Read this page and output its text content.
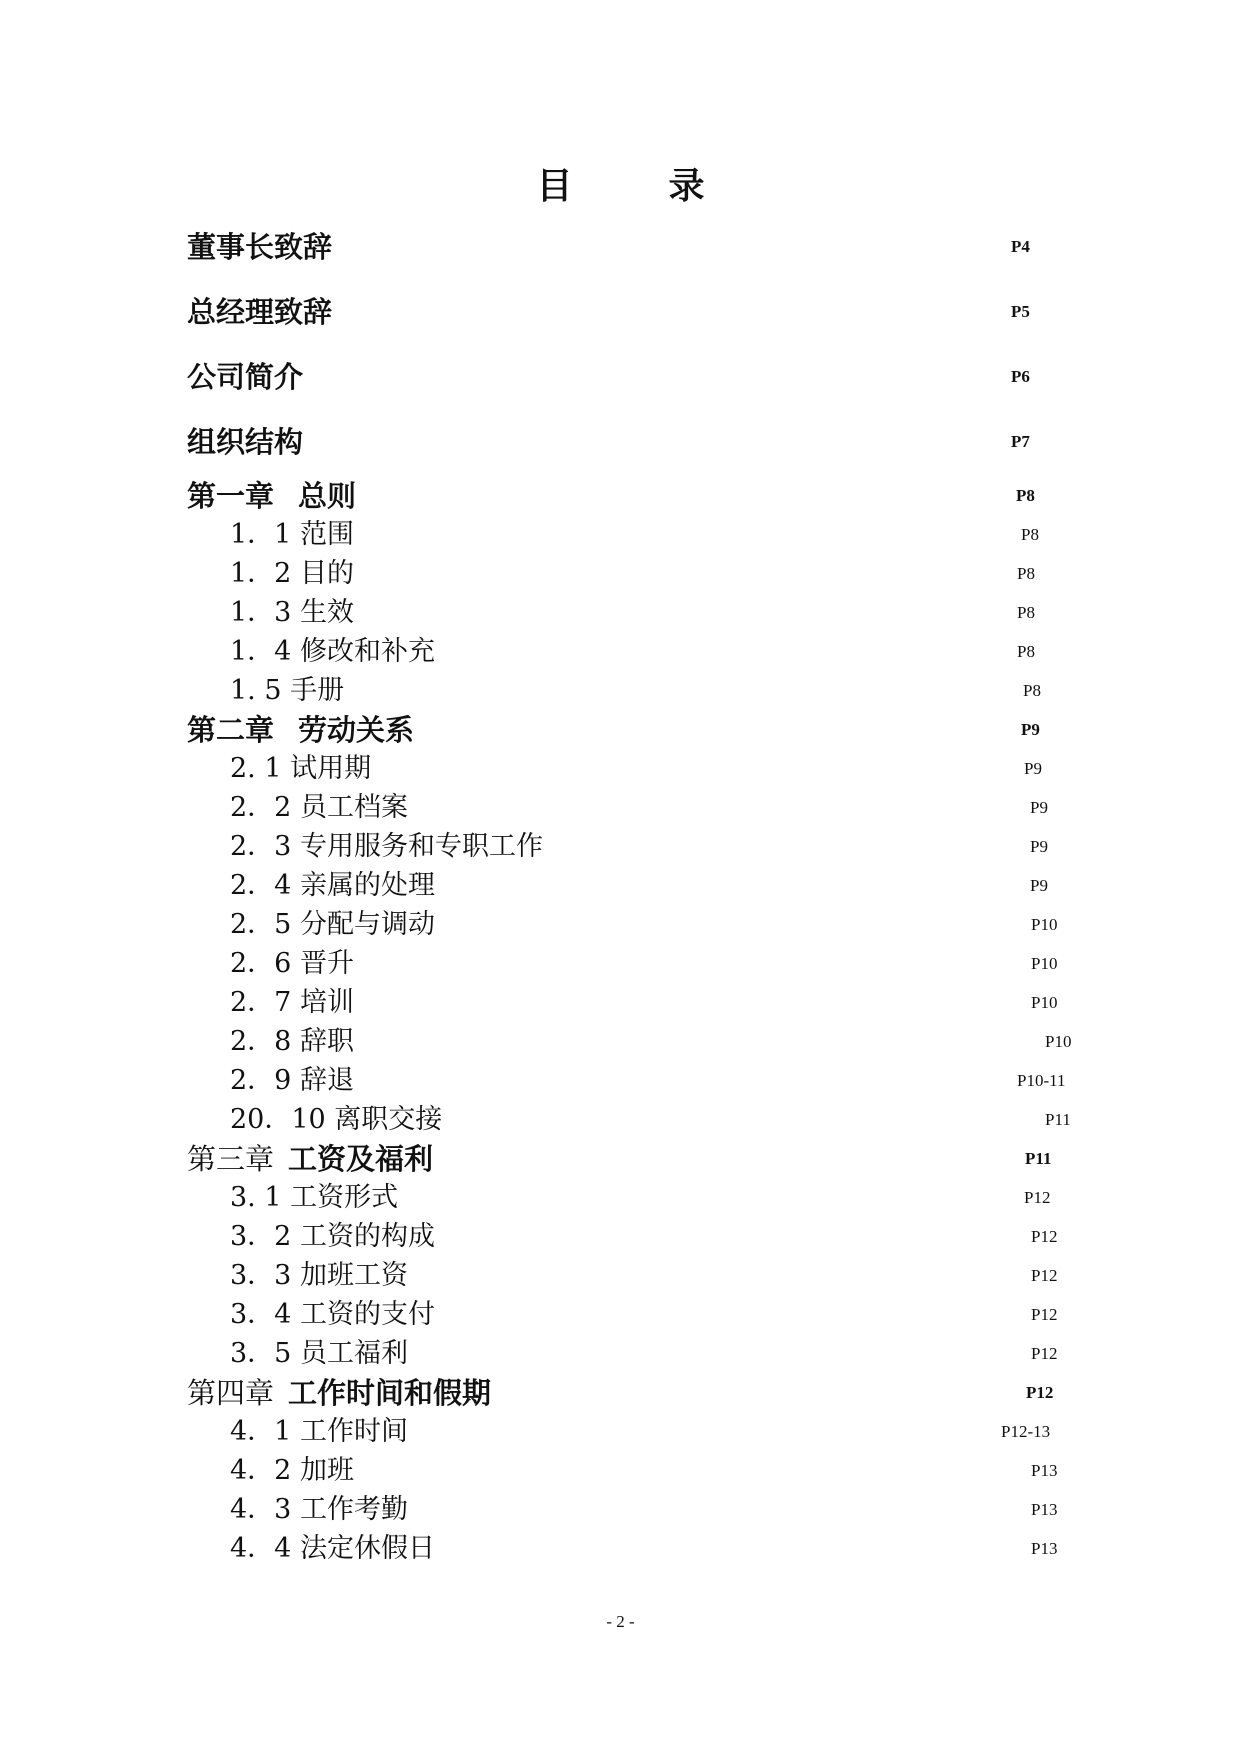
目　录
董事长致辞	P4
总经理致辞	P5
公司简介	P6
组织结构	P7
第一章 总则	P8
1．1 范围	P8
1．2 目的	P8
1．3 生效	P8
1．4 修改和补充	P8
1. 5 手册	P8
第二章 劳动关系	P9
2. 1 试用期	P9
2．2 员工档案	P9
2．3 专用服务和专职工作	P9
2．4 亲属的处理	P9
2．5 分配与调动	P10
2．6 晋升	P10
2．7 培训	P10
2．8 辞职	P10
2．9 辞退	P10-11
20．10 离职交接	P11
第三章 工资及福利	P11
3. 1 工资形式	P12
3．2 工资的构成	P12
3．3 加班工资	P12
3．4 工资的支付	P12
3．5 员工福利	P12
第四章 工作时间和假期	P12
4．1 工作时间	P12-13
4．2 加班	P13
4．3 工作考勤	P13
4．4 法定休假日	P13
- 2 -
